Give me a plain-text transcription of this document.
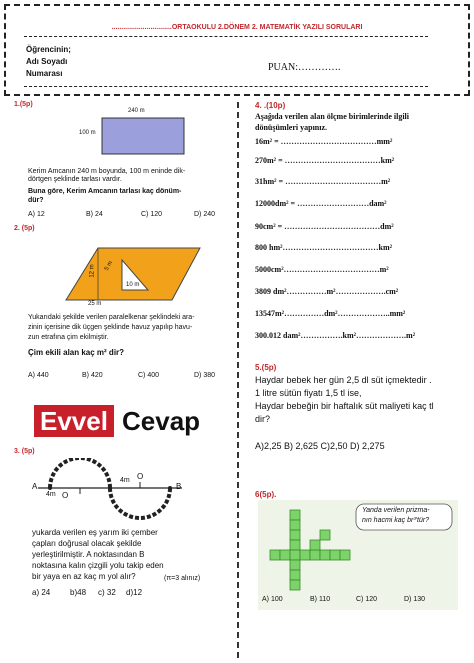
...............................ORTAOKULU 2.DÖNEM 2. MATEMATİK YAZILI SORULARI
Öğrencinin;
Adı Soyadı
Numarası
PUAN:………….
1.(5p)
240 m
100 m
Kerim Amcanın 240 m boyunda, 100 m eninde dik-
dörtgen şeklinde tarlası vardır.
Buna göre, Kerim Amcanın tarlası kaç dönüm-
dür?
A) 12	B) 24	C) 120	D) 240
2. (5p)
12 m 5 m
10 m
25 m
Yukarıdaki şekilde verilen paralelkenar şeklindeki ara-
zinin içerisine dik üçgen şeklinde havuz yapılıp havu-
zun etrafına çim ekilmiştir.
Çim ekili alan kaç m² dir?
A) 440	B) 420	C) 400	D) 380
Evvel Cevap
3. (5p)
A	B
O
O
4m
4m
yukarda verilen eş yarım iki çember
çapları doğrusal olacak şekilde
yerleştirilmiştir. A noktasından B
noktasına kalın çizgili yolu takip eden
bir yaya en az kaç m yol alır?	(π=3 alınız)
a) 24 b)48 c) 32 d)12
4. .(10p)
Aşağıda verilen alan ölçme birimlerinde ilgili
dönüşümleri yapınız.
16m² = ………………………………mm²
270m² = ………………………………km²
31hm² = ………………………………m²
12000dm² = ………………………dam²
90cm² = ………………………………dm²
800 hm²………………………………km²
5000cm²………………………………m²
3809 dm²……………m²……………….cm²
13547m²……………dm²………………..mm²
300.012 dam²…………….km²……………….m²
5.(5p)
Haydar bebek her gün 2,5 dl süt içmektedir .
1 litre sütün fiyatı 1,5 tl ise,
Haydar bebeğin bir haftalık süt maliyeti kaç tl
dir?
A)2,25 B) 2,625 C)2,50 D) 2,275
6(5p).
Yanda verilen prizma-
nın hacmi kaç br³'tür?
A) 100	B) 110	C) 120	D) 130
